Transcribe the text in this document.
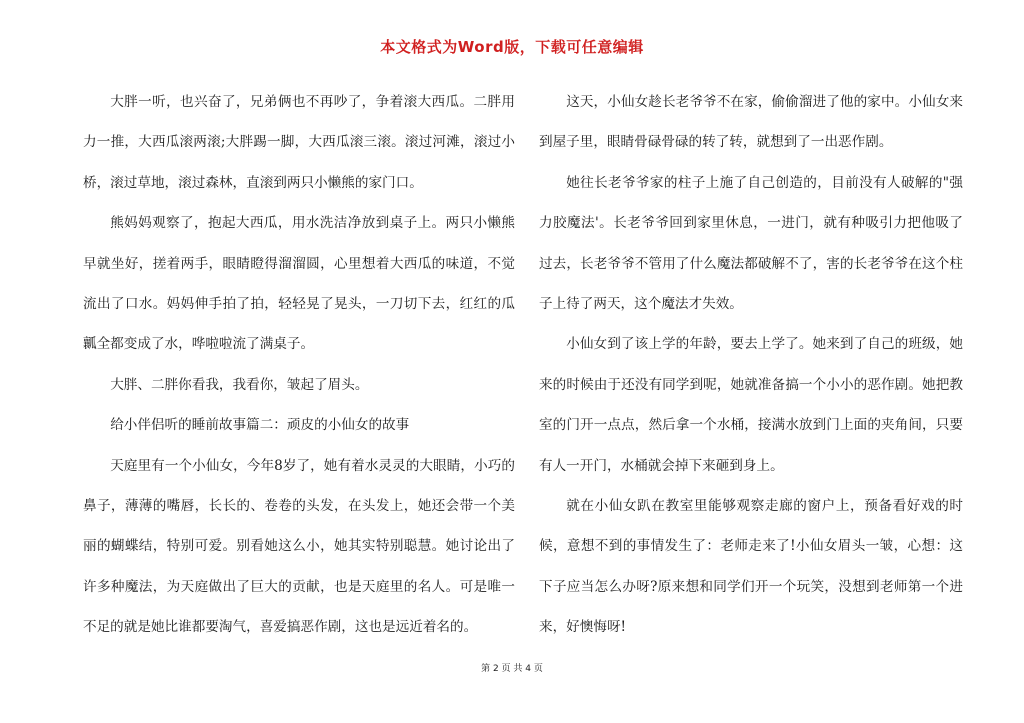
本文格式为Word版，下载可任意编辑

大胖一听，也兴奋了，兄弟俩也不再吵了，争着滚大西瓜。二胖用力一推，大西瓜滚两滚;大胖踢一脚，大西瓜滚三滚。滚过河滩，滚过小桥，滚过草地，滚过森林，直滚到两只小懒熊的家门口。

熊妈妈观察了，抱起大西瓜，用水洗洁净放到桌子上。两只小懒熊早就坐好，搓着两手，眼睛瞪得溜溜圆，心里想着大西瓜的味道，不觉流出了口水。妈妈伸手拍了拍，轻轻晃了晃头，一刀切下去，红红的瓜瓤全都变成了水，哗啦啦流了满桌子。

大胖、二胖你看我，我看你，皱起了眉头。

给小伴侣听的睡前故事篇二：顽皮的小仙女的故事

天庭里有一个小仙女，今年8岁了，她有着水灵灵的大眼睛，小巧的鼻子，薄薄的嘴唇，长长的、卷卷的头发，在头发上，她还会带一个美丽的蝴蝶结，特别可爱。别看她这么小，她其实特别聪慧。她讨论出了许多种魔法，为天庭做出了巨大的贡献，也是天庭里的名人。可是唯一不足的就是她比谁都要淘气，喜爱搞恶作剧，这也是远近着名的。

这天，小仙女趁长老爷爷不在家，偷偷溜进了他的家中。小仙女来到屋子里，眼睛骨碌骨碌的转了转，就想到了一出恶作剧。

她往长老爷爷家的柱子上施了自己创造的，目前没有人破解的"强力胶魔法'。长老爷爷回到家里休息，一进门，就有种吸引力把他吸了过去，长老爷爷不管用了什么魔法都破解不了，害的长老爷爷在这个柱子上待了两天，这个魔法才失效。

小仙女到了该上学的年龄，要去上学了。她来到了自己的班级，她来的时候由于还没有同学到呢，她就准备搞一个小小的恶作剧。她把教室的门开一点点，然后拿一个水桶，接满水放到门上面的夹角间，只要有人一开门，水桶就会掉下来砸到身上。

就在小仙女趴在教室里能够观察走廊的窗户上，预备看好戏的时候，意想不到的事情发生了：老师走来了!小仙女眉头一皱，心想：这下子应当怎么办呀?原来想和同学们开一个玩笑，没想到老师第一个进来，好懊悔呀!

第 2 页 共 4 页
